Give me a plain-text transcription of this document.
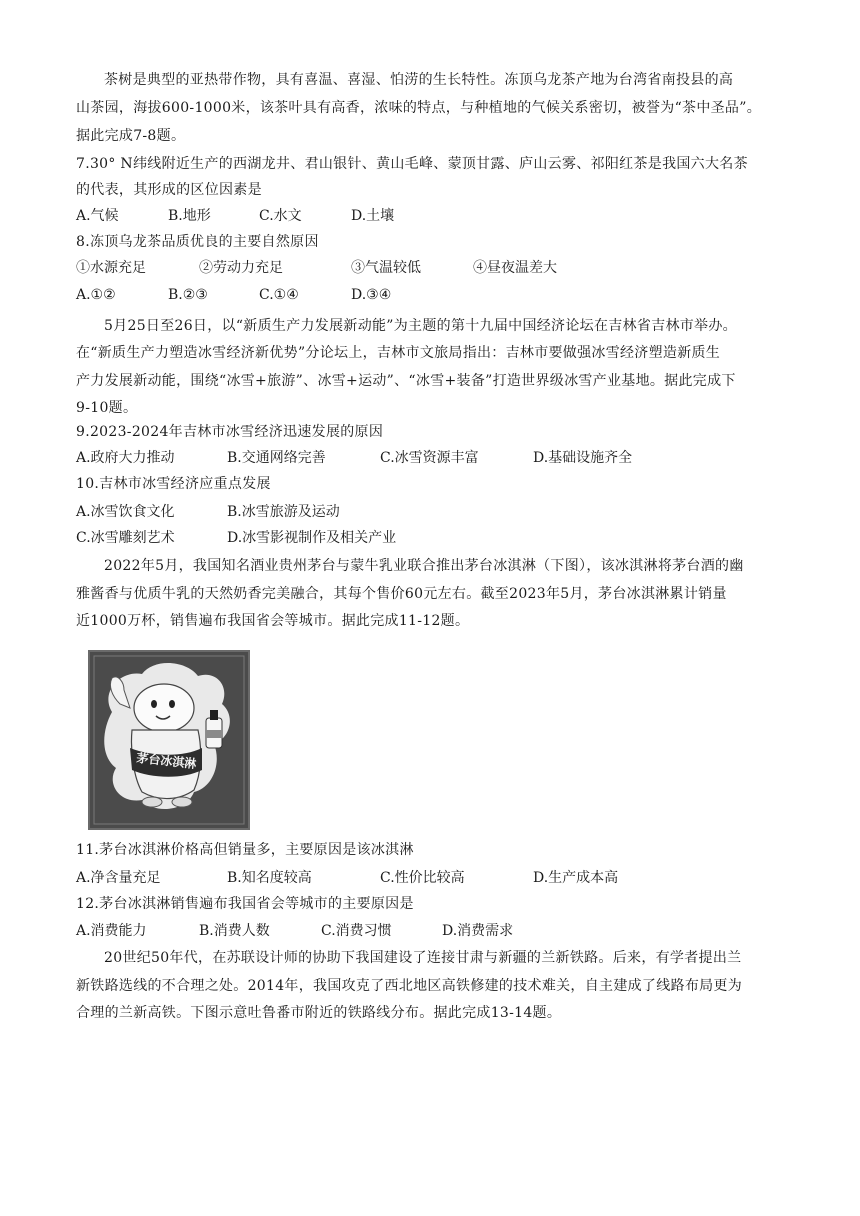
茶树是典型的亚热带作物，具有喜温、喜湿、怕涝的生长特性。冻顶乌龙茶产地为台湾省南投县的高
山茶园，海拔600-1000米，该茶叶具有高香，浓味的特点，与种植地的气候关系密切，被誉为“茶中圣品”。
据此完成7-8题。
7.30° N纬线附近生产的西湖龙井、君山银针、黄山毛峰、蒙顶甘露、庐山云雾、祁阳红茶是我国六大名茶
的代表，其形成的区位因素是
A.气候	B.地形	C.水文	D.土壤
8.冻顶乌龙茶品质优良的主要自然原因
①水源充足	②劳动力充足	③气温较低	④昼夜温差大
A.①②	B.②③	C.①④	D.③④
5月25日至26日，以“新质生产力发展新动能”为主题的第十九届中国经济论坛在吉林省吉林市举办。
在“新质生产力塑造冰雪经济新优势”分论坛上，吉林市文旅局指出：吉林市要做强冰雪经济塑造新质生
产力发展新动能，围绕“冰雪+旅游”、冰雪+运动”、“冰雪+装备”打造世界级冰雪产业基地。据此完成下
9-10题。
9.2023-2024年吉林市冰雪经济迅速发展的原因
A.政府大力推动	B.交通网络完善	C.冰雪资源丰富	D.基础设施齐全
10.吉林市冰雪经济应重点发展
A.冰雪饮食文化	B.冰雪旅游及运动
C.冰雪雕刻艺术	D.冰雪影视制作及相关产业
2022年5月，我国知名酒业贵州茅台与蒙牛乳业联合推出茅台冰淇淋（下图），该冰淇淋将茅台酒的幽
雅酱香与优质牛乳的天然奶香完美融合，其每个售价60元左右。截至2023年5月，茅台冰淇淋累计销量
近1000万杯，销售遍布我国省会等城市。据此完成11-12题。
茅台冰淇淋
11.茅台冰淇淋价格高但销量多，主要原因是该冰淇淋
A.净含量充足	B.知名度较高	C.性价比较高	D.生产成本高
12.茅台冰淇淋销售遍布我国省会等城市的主要原因是
A.消费能力	B.消费人数	C.消费习惯	D.消费需求
20世纪50年代，在苏联设计师的协助下我国建设了连接甘肃与新疆的兰新铁路。后来，有学者提出兰
新铁路选线的不合理之处。2014年，我国攻克了西北地区高铁修建的技术难关，自主建成了线路布局更为
合理的兰新高铁。下图示意吐鲁番市附近的铁路线分布。据此完成13-14题。
